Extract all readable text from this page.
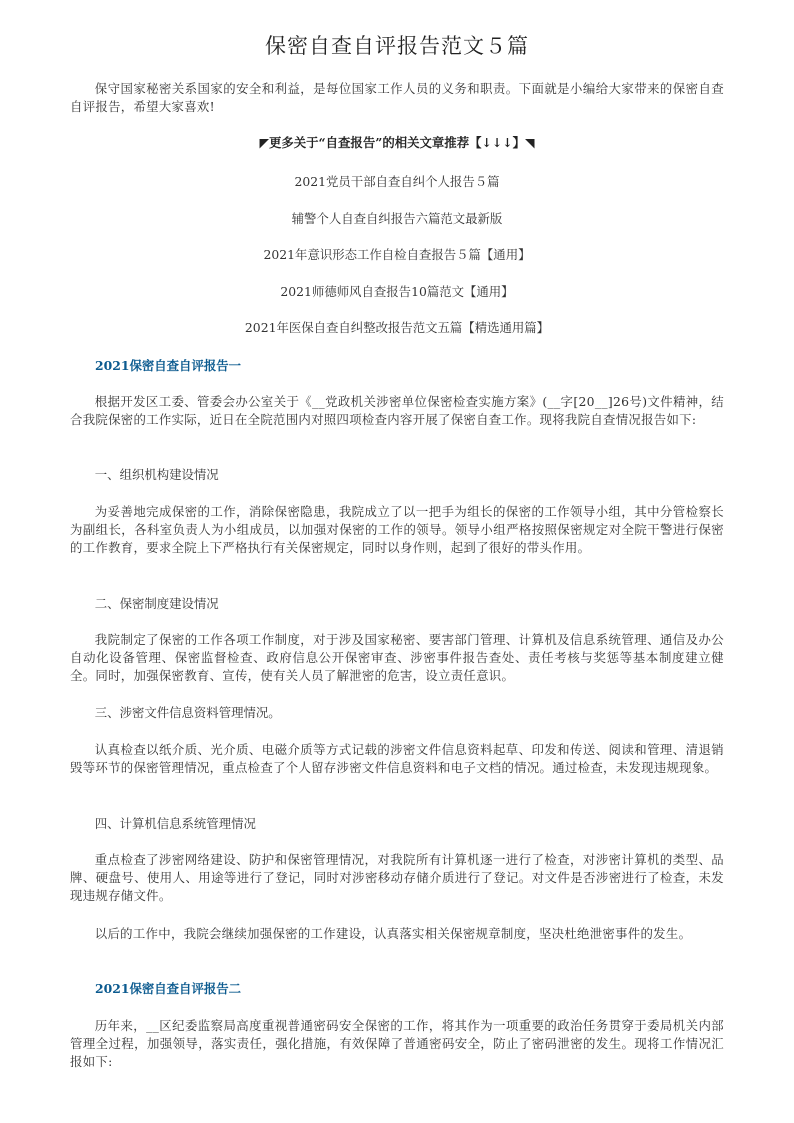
保密自查自评报告范文５篇

保守国家秘密关系国家的安全和利益，是每位国家工作人员的义务和职责。下面就是小编给大家带来的保密自查自评报告，希望大家喜欢!

◤更多关于“自查报告”的相关文章推荐【↓↓↓】◥

2021党员干部自查自纠个人报告５篇

辅警个人自查自纠报告六篇范文最新版

2021年意识形态工作自检自查报告５篇【通用】

2021师德师风自查报告10篇范文【通用】

2021年医保自查自纠整改报告范文五篇【精选通用篇】

2021保密自查自评报告一

根据开发区工委、管委会办公室关于《__党政机关涉密单位保密检查实施方案》(__字[20__]26号)文件精神，结合我院保密的工作实际，近日在全院范围内对照四项检查内容开展了保密自查工作。现将我院自查情况报告如下:

一、组织机构建设情况

为妥善地完成保密的工作，消除保密隐患，我院成立了以一把手为组长的保密的工作领导小组，其中分管检察长为副组长，各科室负责人为小组成员，以加强对保密的工作的领导。领导小组严格按照保密规定对全院干警进行保密的工作教育，要求全院上下严格执行有关保密规定，同时以身作则，起到了很好的带头作用。

二、保密制度建设情况

我院制定了保密的工作各项工作制度，对于涉及国家秘密、要害部门管理、计算机及信息系统管理、通信及办公自动化设备管理、保密监督检查、政府信息公开保密审查、涉密事件报告查处、责任考核与奖惩等基本制度建立健全。同时，加强保密教育、宣传，使有关人员了解泄密的危害，设立责任意识。

三、涉密文件信息资料管理情况。

认真检查以纸介质、光介质、电磁介质等方式记载的涉密文件信息资料起草、印发和传送、阅读和管理、清退销毁等环节的保密管理情况，重点检查了个人留存涉密文件信息资料和电子文档的情况。通过检查，未发现违规现象。

四、计算机信息系统管理情况

重点检查了涉密网络建设、防护和保密管理情况，对我院所有计算机逐一进行了检查，对涉密计算机的类型、品牌、硬盘号、使用人、用途等进行了登记，同时对涉密移动存储介质进行了登记。对文件是否涉密进行了检查，未发现违规存储文件。

以后的工作中，我院会继续加强保密的工作建设，认真落实相关保密规章制度，坚决杜绝泄密事件的发生。

2021保密自查自评报告二

历年来，__区纪委监察局高度重视普通密码安全保密的工作，将其作为一项重要的政治任务贯穿于委局机关内部管理全过程，加强领导，落实责任，强化措施，有效保障了普通密码安全，防止了密码泄密的发生。现将工作情况汇报如下:
